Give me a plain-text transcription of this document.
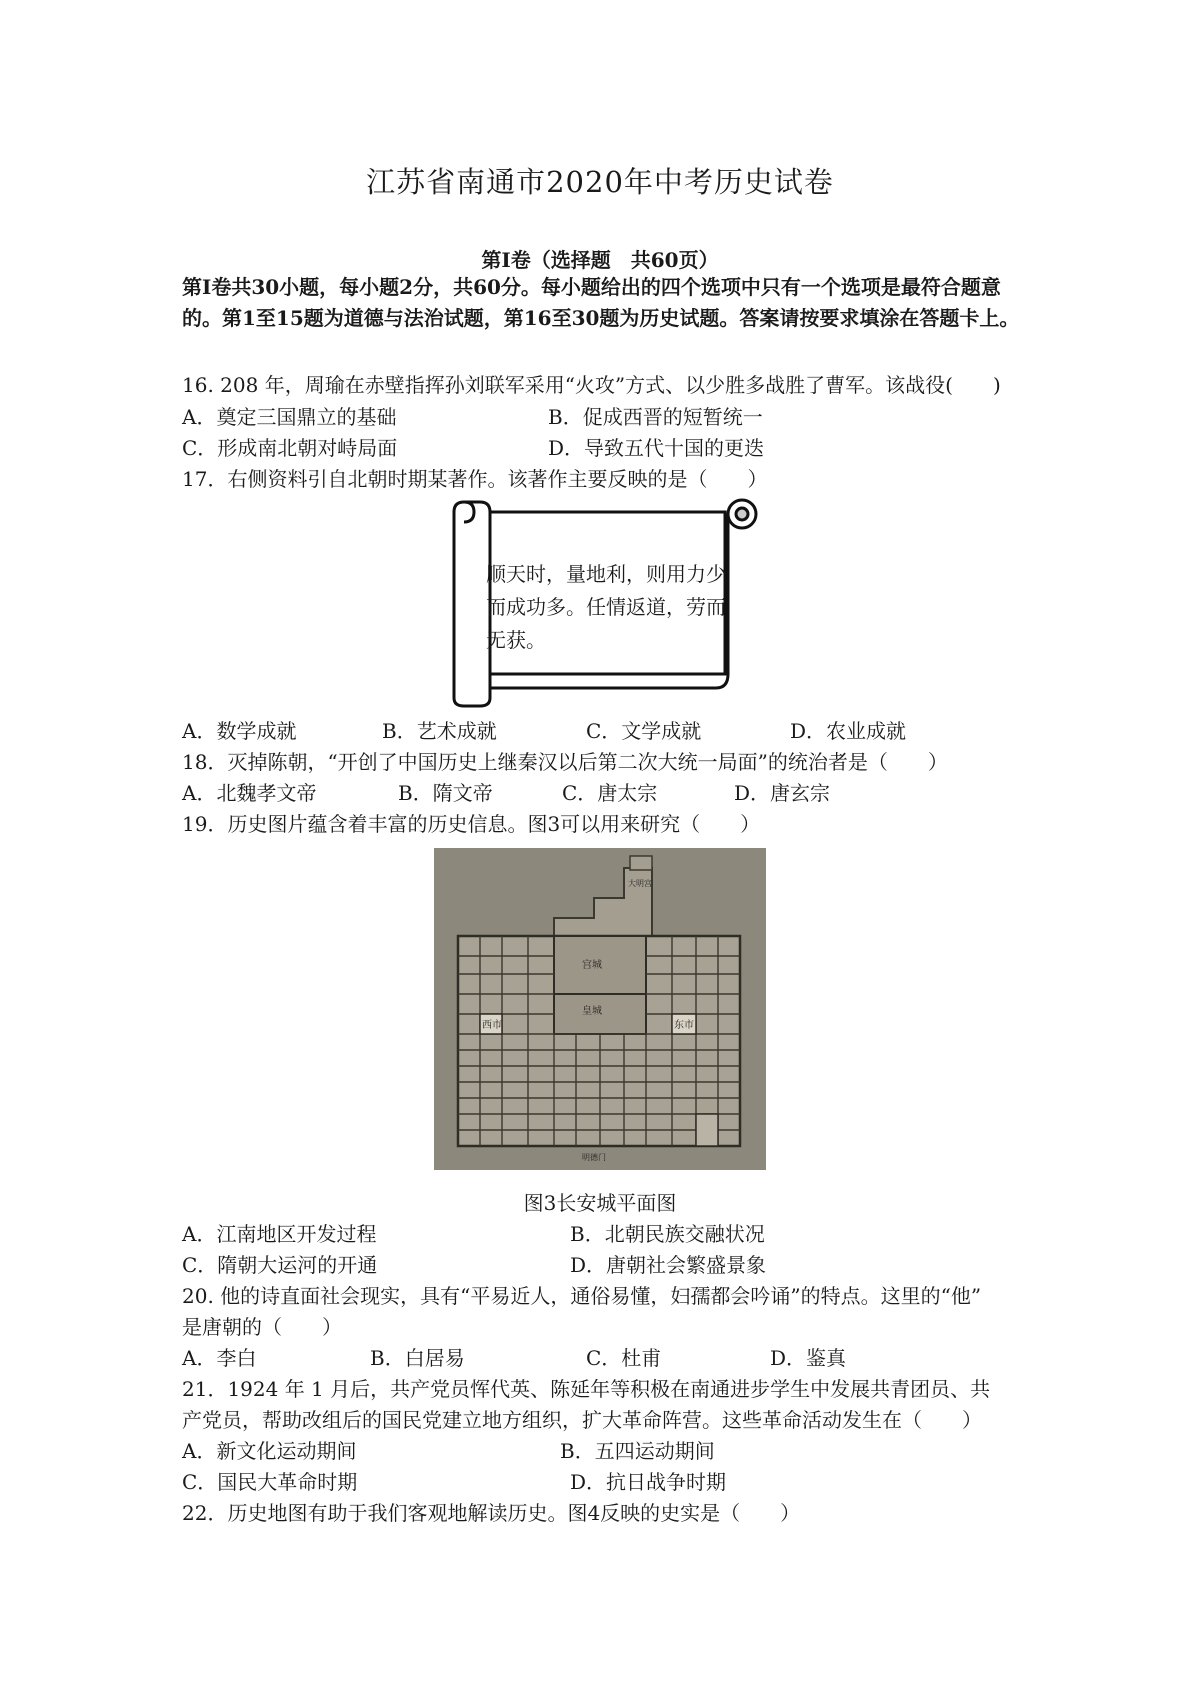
江苏省南通市2020年中考历史试卷
第I卷（选择题　共60页）
第I卷共30小题，每小题2分，共60分。每小题给出的四个选项中只有一个选项是最符合题意的。第1至15题为道德与法治试题，第16至30题为历史试题。答案请按要求填涂在答题卡上。
16. 208 年，周瑜在赤壁指挥孙刘联军采用“火攻”方式、以少胜多战胜了曹军。该战役(　　)
A．奠定三国鼎立的基础	B．促成西晋的短暂统一
C．形成南北朝对峙局面	D．导致五代十国的更迭
17．右侧资料引自北朝时期某著作。该著作主要反映的是（　　）
顺天时，量地利，则用力少而成功多。任情返道，劳而无获。
A．数学成就	B．艺术成就	C．文学成就	D．农业成就
18．灭掉陈朝，“开创了中国历史上继秦汉以后第二次大统一局面”的统治者是（　　）
A．北魏孝文帝	B．隋文帝	C．唐太宗	D．唐玄宗
19．历史图片蕴含着丰富的历史信息。图3可以用来研究（　　）
西市	东市
宫城
皇城
大明宫
明德门
图3长安城平面图
A．江南地区开发过程	B．北朝民族交融状况
C．隋朝大运河的开通	D．唐朝社会繁盛景象
20. 他的诗直面社会现实，具有“平易近人，通俗易懂，妇孺都会吟诵”的特点。这里的“他”
是唐朝的（　　）
A．李白	B．白居易	C．杜甫	D．鉴真
21．1924 年 1 月后，共产党员恽代英、陈延年等积极在南通进步学生中发展共青团员、共
产党员，帮助改组后的国民党建立地方组织，扩大革命阵营。这些革命活动发生在（　　）
A．新文化运动期间	B．五四运动期间
C．国民大革命时期	D．抗日战争时期
22．历史地图有助于我们客观地解读历史。图4反映的史实是（　　）
